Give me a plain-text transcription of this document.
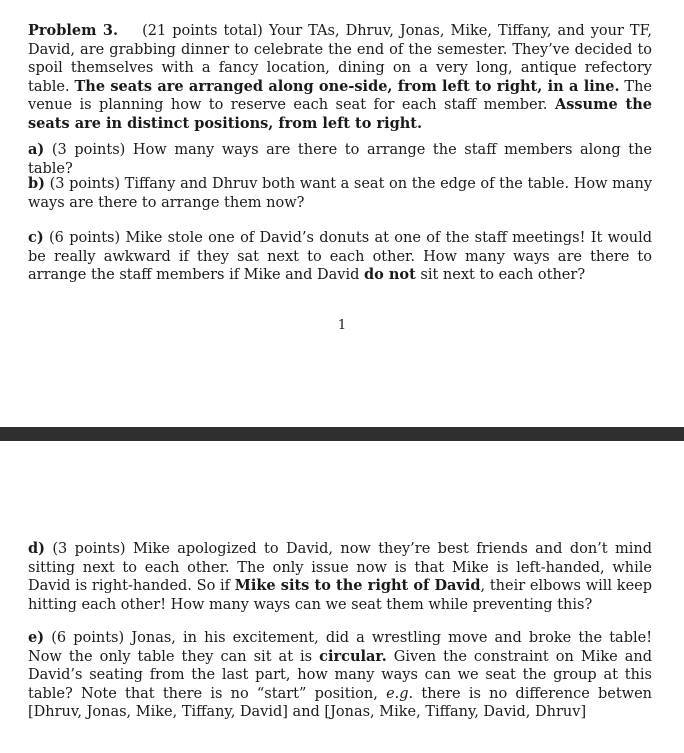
Problem 3. (21 points total) Your TAs, Dhruv, Jonas, Mike, Tiffany, and your TF, David, are grabbing dinner to celebrate the end of the semester. They’ve decided to spoil themselves with a fancy location, dining on a very long, antique refectory table. The seats are arranged along one-side, from left to right, in a line. The venue is planning how to reserve each seat for each staff member. Assume the seats are in distinct positions, from left to right.

a) (3 points) How many ways are there to arrange the staff members along the table?

b) (3 points) Tiffany and Dhruv both want a seat on the edge of the table. How many ways are there to arrange them now?

c) (6 points) Mike stole one of David’s donuts at one of the staff meetings! It would be really awkward if they sat next to each other. How many ways are there to arrange the staff members if Mike and David do not sit next to each other?

1

d) (3 points) Mike apologized to David, now they’re best friends and don’t mind sitting next to each other. The only issue now is that Mike is left-handed, while David is right-handed. So if Mike sits to the right of David, their elbows will keep hitting each other! How many ways can we seat them while preventing this?

e) (6 points) Jonas, in his excitement, did a wrestling move and broke the table! Now the only table they can sit at is circular. Given the constraint on Mike and David’s seating from the last part, how many ways can we seat the group at this table? Note that there is no “start” position, e.g. there is no difference betwen [Dhruv, Jonas, Mike, Tiffany, David] and [Jonas, Mike, Tiffany, David, Dhruv]
